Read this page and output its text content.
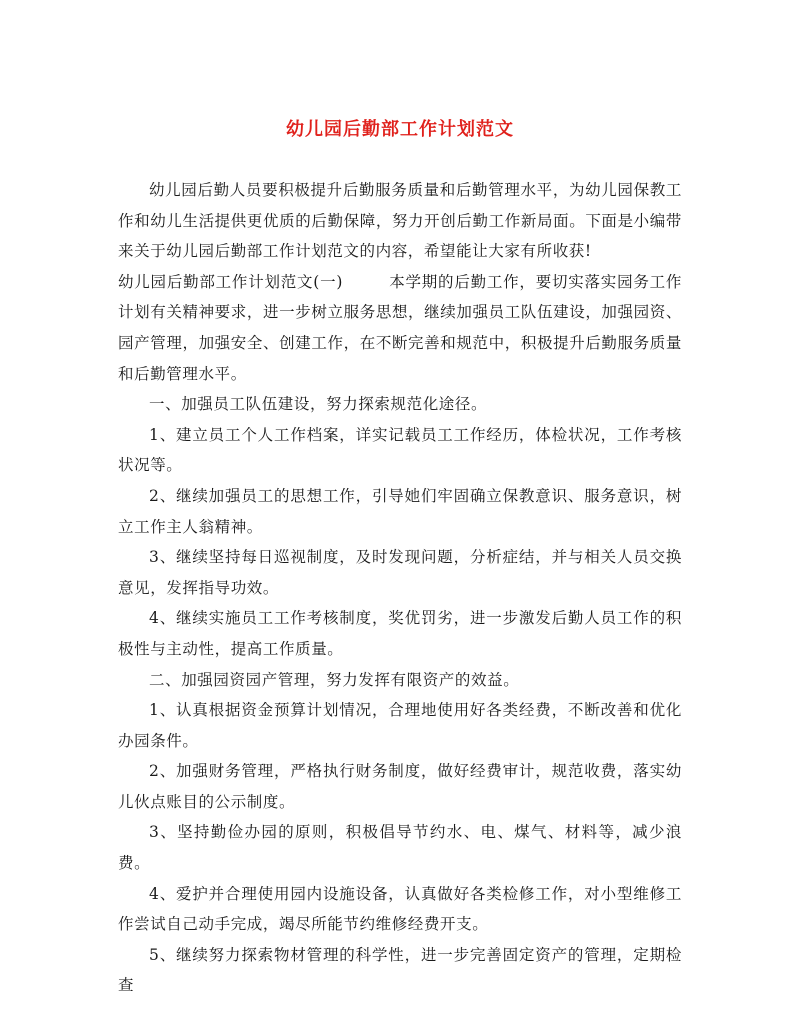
幼儿园后勤部工作计划范文

幼儿园后勤人员要积极提升后勤服务质量和后勤管理水平，为幼儿园保教工作和幼儿生活提供更优质的后勤保障，努力开创后勤工作新局面。下面是小编带来关于幼儿园后勤部工作计划范文的内容，希望能让大家有所收获!

幼儿园后勤部工作计划范文(一)	本学期的后勤工作，要切实落实园务工作计划有关精神要求，进一步树立服务思想，继续加强员工队伍建设，加强园资、园产管理，加强安全、创建工作，在不断完善和规范中，积极提升后勤服务质量和后勤管理水平。

一、加强员工队伍建设，努力探索规范化途径。

1、建立员工个人工作档案，详实记载员工工作经历，体检状况，工作考核状况等。

2、继续加强员工的思想工作，引导她们牢固确立保教意识、服务意识，树立工作主人翁精神。

3、继续坚持每日巡视制度，及时发现问题，分析症结，并与相关人员交换意见，发挥指导功效。

4、继续实施员工工作考核制度，奖优罚劣，进一步激发后勤人员工作的积极性与主动性，提高工作质量。

二、加强园资园产管理，努力发挥有限资产的效益。

1、认真根据资金预算计划情况，合理地使用好各类经费，不断改善和优化办园条件。

2、加强财务管理，严格执行财务制度，做好经费审计，规范收费，落实幼儿伙点账目的公示制度。

3、坚持勤俭办园的原则，积极倡导节约水、电、煤气、材料等，减少浪费。

4、爱护并合理使用园内设施设备，认真做好各类检修工作，对小型维修工作尝试自己动手完成，竭尽所能节约维修经费开支。

5、继续努力探索物材管理的科学性，进一步完善固定资产的管理，定期检查
